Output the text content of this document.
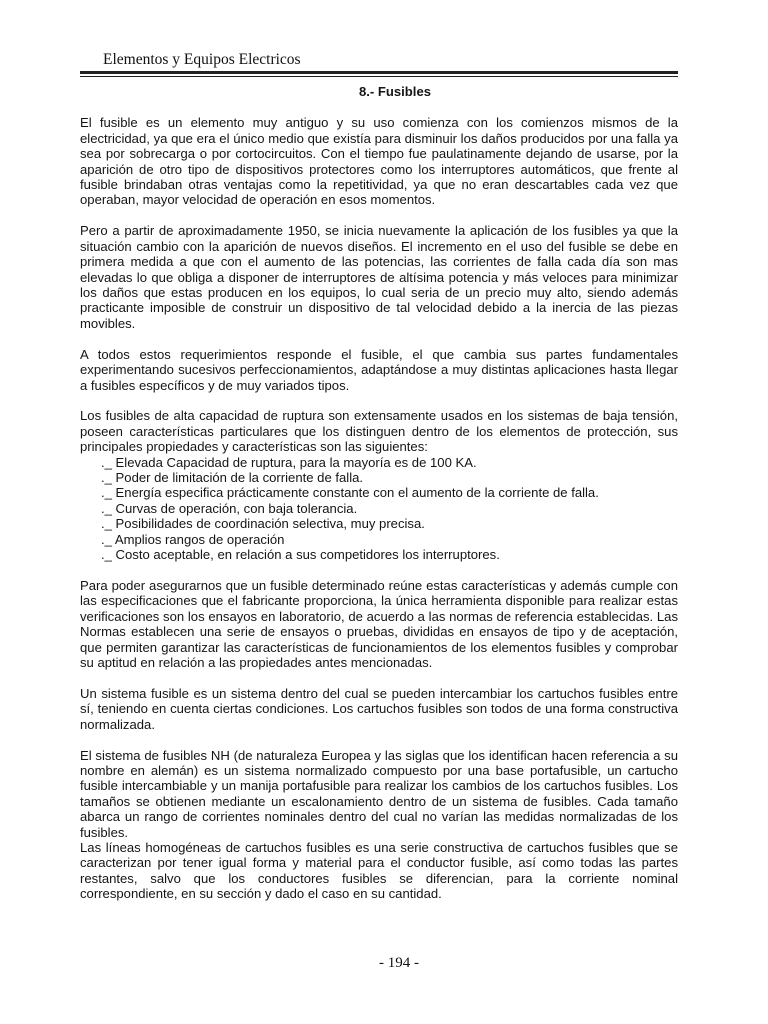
Elementos y Equipos Electricos
8.- Fusibles

El fusible es un elemento muy antiguo y su uso comienza con los comienzos mismos de la electricidad, ya que era el único medio que existía para disminuir los daños producidos por una falla ya sea por sobrecarga o por cortocircuitos. Con el tiempo fue paulatinamente dejando de usarse, por la aparición de otro tipo de dispositivos protectores como los interruptores automáticos, que frente al fusible brindaban otras ventajas como la repetitividad, ya que no eran descartables cada vez que operaban, mayor velocidad de operación en esos momentos.

Pero a partir de aproximadamente 1950, se inicia nuevamente la aplicación de los fusibles ya que la situación cambio con la aparición de nuevos diseños. El incremento en el uso del fusible se debe en primera medida a que con el aumento de las potencias, las corrientes de falla cada día son mas elevadas lo que obliga a disponer de interruptores de altísima potencia y más veloces para minimizar los daños que estas producen en los equipos, lo cual seria de un precio muy alto, siendo además practicante imposible de construir un dispositivo de tal velocidad debido a la inercia de las piezas movibles.

A todos estos requerimientos responde el fusible, el que cambia sus partes fundamentales experimentando sucesivos perfeccionamientos, adaptándose a muy distintas aplicaciones hasta llegar a fusibles específicos y de muy variados tipos.

Los fusibles de alta capacidad de ruptura son extensamente usados en los sistemas de baja tensión, poseen características particulares que los distinguen dentro de los elementos de protección, sus principales propiedades y características son las siguientes:

._ Elevada Capacidad de ruptura, para la mayoría es de 100 KA.
._ Poder de limitación de la corriente de falla.
._ Energía especifica prácticamente constante con el aumento de la corriente de falla.
._ Curvas de operación, con baja tolerancia.
._ Posibilidades de coordinación selectiva, muy precisa.
._ Amplios rangos de operación
._ Costo aceptable, en relación a sus competidores los interruptores.

Para poder asegurarnos que un fusible determinado reúne estas características y además cumple con las especificaciones que el fabricante proporciona, la única herramienta disponible para realizar estas verificaciones son los ensayos en laboratorio, de acuerdo a las normas de referencia establecidas. Las Normas establecen una serie de ensayos o pruebas, divididas en ensayos de tipo y de aceptación, que permiten garantizar las características de funcionamientos de los elementos fusibles y comprobar su aptitud en relación a las propiedades antes mencionadas.

Un sistema fusible es un sistema dentro del cual se pueden intercambiar los cartuchos fusibles entre sí, teniendo en cuenta ciertas condiciones. Los cartuchos fusibles son todos de una forma constructiva normalizada.

El sistema de fusibles NH (de naturaleza Europea y las siglas que los identifican hacen referencia a su nombre en alemán) es un sistema normalizado compuesto por una base portafusible, un cartucho fusible intercambiable y un manija portafusible para realizar los cambios de los cartuchos fusibles. Los tamaños se obtienen mediante un escalonamiento dentro de un sistema de fusibles. Cada tamaño abarca un rango de corrientes nominales dentro del cual no varían las medidas normalizadas de los fusibles.

Las líneas homogéneas de cartuchos fusibles es una serie constructiva de cartuchos fusibles que se caracterizan por tener igual forma y material para el conductor fusible, así como todas las partes restantes, salvo que los conductores fusibles se diferencian, para la corriente nominal correspondiente, en su sección y dado el caso en su cantidad.

- 194 -
